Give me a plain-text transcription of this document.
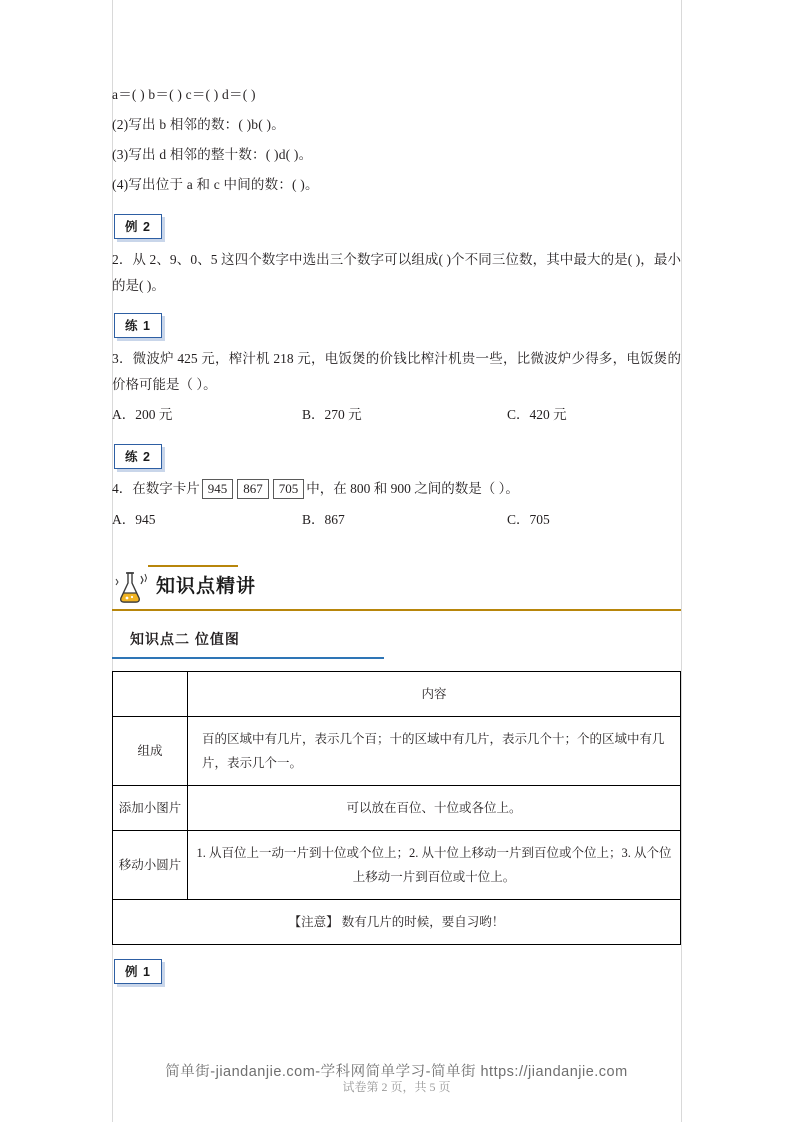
a＝( ) b＝( ) c＝( ) d＝( )
(2)写出 b 相邻的数：( )b( )。
(3)写出 d 相邻的整十数：( )d( )。
(4)写出位于 a 和 c 中间的数：( )。
例 2
2．从 2、9、0、5 这四个数字中选出三个数字可以组成( )个不同三位数，其中最大的是( )，最小的是( )。
练 1
3．微波炉 425 元，榨汁机 218 元，电饭煲的价钱比榨汁机贵一些，比微波炉少得多，电饭煲的价格可能是（ ）。
A．200 元	B．270 元	C．420 元
练 2
4．在数字卡片 945 867 705 中，在 800 和 900 之间的数是（ ）。
A．945	B．867	C．705
知识点精讲
知识点二 位值图
	内容
组成	百的区域中有几片，表示几个百；十的区域中有几片，表示几个十；个的区域中有几片，表示几个一。
添加小图片	可以放在百位、十位或各位上。
移动小圆片	1. 从百位上一动一片到十位或个位上；2. 从十位上移动一片到百位或个位上；3. 从个位上移动一片到百位或十位上。
【注意】 数有几片的时候，要自习哟！	
例 1
简单街-jiandanjie.com-学科网简单学习-简单街 https://jiandanjie.com
试卷第 2 页，共 5 页
